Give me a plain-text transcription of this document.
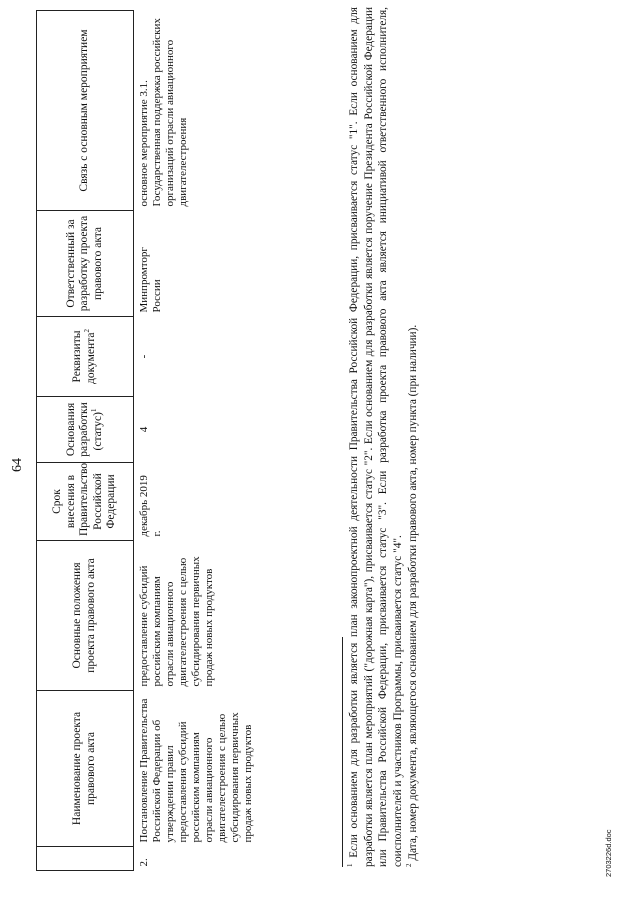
64
	Наименование проекта правового акта	Основные положения проекта правового акта	Срок внесения в Правительство Российской Федерации	Основания разработки (статус)$^1$	Реквизиты документа$^2$	Ответственный за разработку проекта правового акта	Связь с основным мероприятием
2.	Постановление Правительства Российской Федерации об утверждении правил предоставления субсидий российским компаниям отрасли авиационного двигателестроения с целью субсидирования первичных продаж новых продуктов	предоставление субсидий российским компаниям отрасли авиационного двигателестроения с целью субсидирования первичных продаж новых продуктов	декабрь 2019 г.	4	-	Минпромторг России	основное мероприятие 3.1. Государственная поддержка российских организаций отрасли авиационного двигателестроения

$^1$ Если основанием для разработки является план законопроектной деятельности Правительства Российской Федерации, присваивается статус "1". Если основанием для разработки является план мероприятий ("дорожная карта"), присваивается статус "2". Если основанием для разработки является поручение Президента Российской Федерации или Правительства Российской Федерации, присваивается статус "3". Если разработка проекта правового акта является инициативой ответственного исполнителя, соисполнителей и участников Программы, присваивается статус "4". $^2$ Дата, номер документа, являющегося основанием для разработки правового акта, номер пункта (при наличии).	2703226d.doc
